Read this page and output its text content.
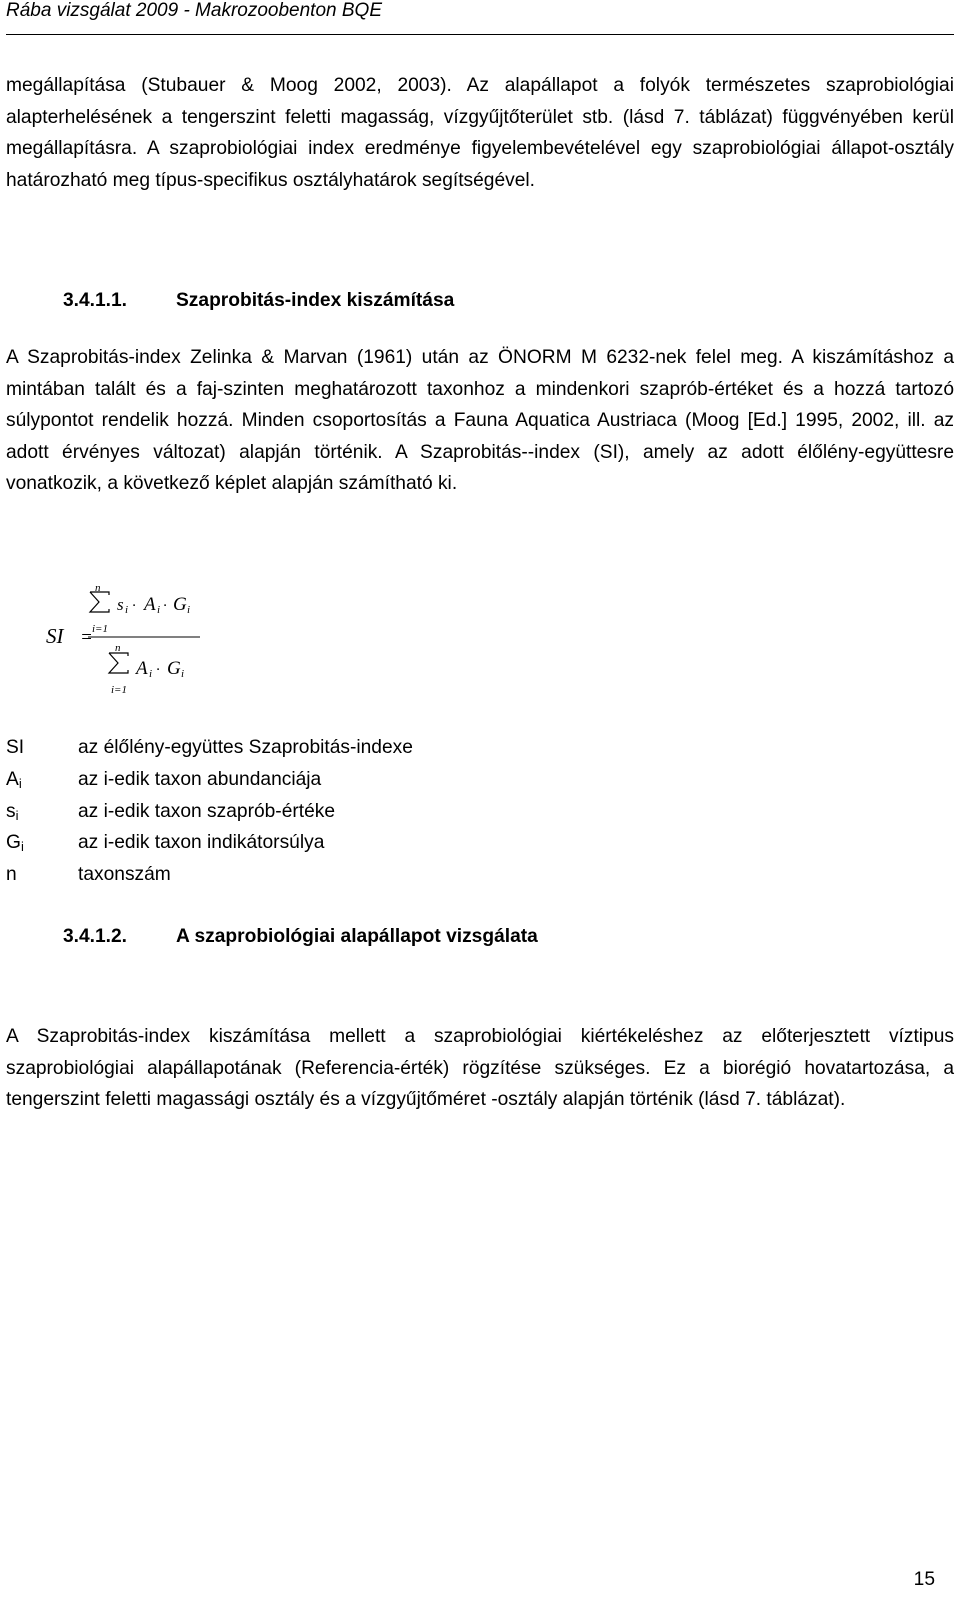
Rába vizsgálat 2009 - Makrozoobenton BQE

megállapítása (Stubauer & Moog 2002, 2003). Az alapállapot a folyók természetes szaprobiológiai alapterhelésének a tengerszint feletti magasság, vízgyűjtőterület stb. (lásd 7. táblázat) függvényében kerül megállapításra. A szaprobiológiai index eredménye figyelembevételével egy szaprobiológiai állapot-osztály határozható meg típus-specifikus osztályhatárok segítségével.

3.4.1.1.	Szaprobitás-index kiszámítása

A Szaprobitás-index Zelinka & Marvan (1961) után az ÖNORM M 6232-nek felel meg. A kiszámításhoz a mintában talált és a faj-szinten meghatározott taxonhoz a mindenkori szaprób-értéket és a hozzá tartozó súlypontot rendelik hozzá. Minden csoportosítás a Fauna Aquatica Austriaca (Moog [Ed.] 1995, 2002, ill. az adott érvényes változat) alapján történik. A Szaprobitás--index (SI), amely az adott élőlény-együttesre vonatkozik, a következő képlet alapján számítható ki.

SI =
n
i=1
s i · A i · G i
n
i=1
A i · G i
SI	az élőlény-együttes Szaprobitás-indexe
$A_i$	az i-edik taxon abundanciája
$s_i$	az i-edik taxon szaprób-értéke
$G_i$	az i-edik taxon indikátorsúlya
n	taxonszám
3.4.1.2.	A szaprobiológiai alapállapot vizsgálata

A Szaprobitás-index kiszámítása mellett a szaprobiológiai kiértékeléshez az előterjesztett víztipus szaprobiológiai alapállapotának (Referencia-érték) rögzítése szükséges. Ez a biorégió hovatartozása, a tengerszint feletti magassági osztály és a vízgyűjtőméret -osztály alapján történik (lásd 7. táblázat).

15
